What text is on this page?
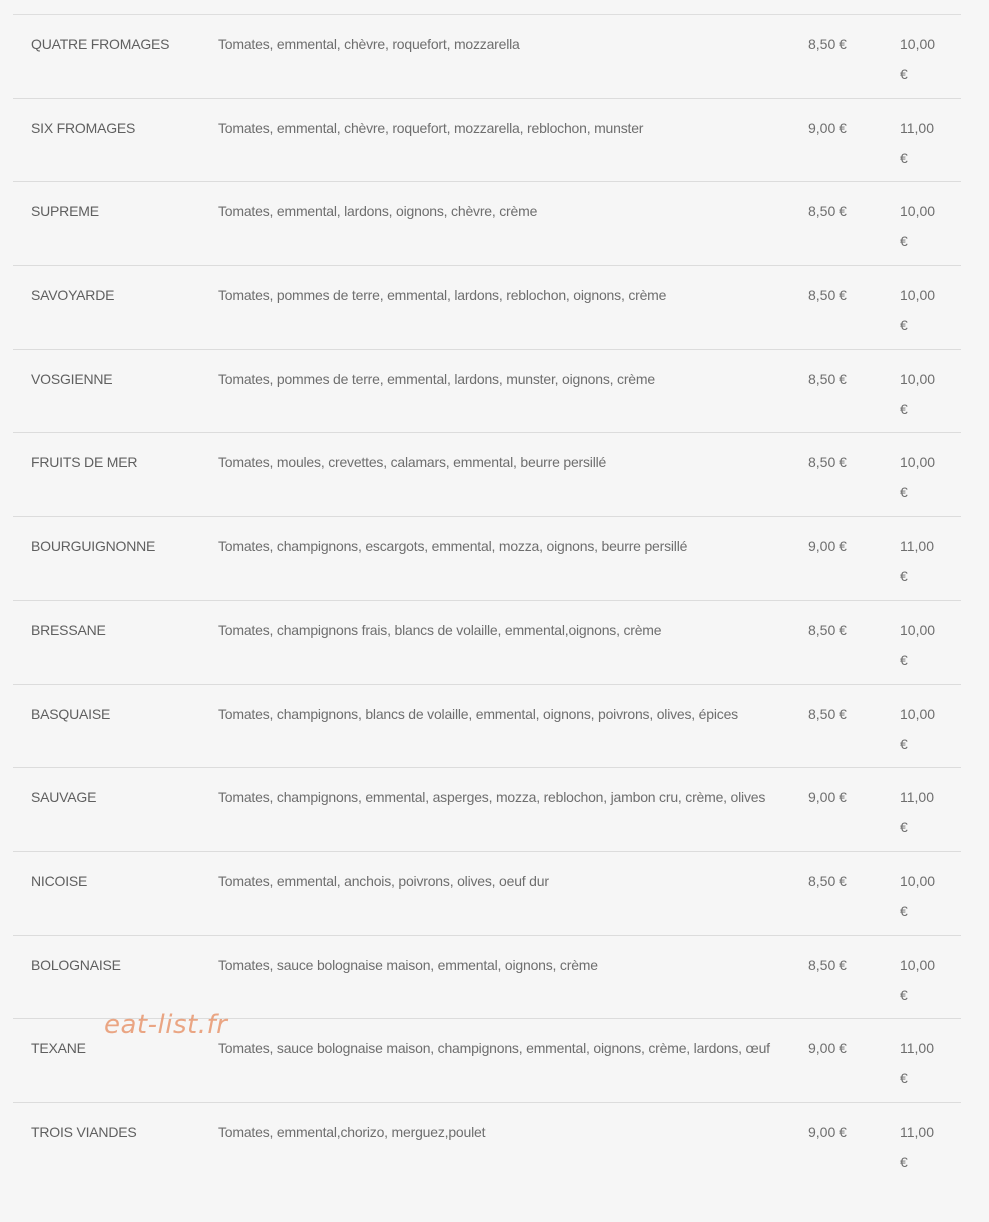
QUATRE FROMAGES	Tomates, emmental, chèvre, roquefort, mozzarella	8,50 €	10,00 €
SIX FROMAGES	Tomates, emmental, chèvre, roquefort, mozzarella, reblochon, munster	9,00 €	11,00 €
SUPREME	Tomates, emmental, lardons, oignons, chèvre, crème	8,50 €	10,00 €
SAVOYARDE	Tomates, pommes de terre, emmental, lardons, reblochon, oignons, crème	8,50 €	10,00 €
VOSGIENNE	Tomates, pommes de terre, emmental, lardons, munster, oignons, crème	8,50 €	10,00 €
FRUITS DE MER	Tomates, moules, crevettes, calamars, emmental, beurre persillé	8,50 €	10,00 €
BOURGUIGNONNE	Tomates, champignons, escargots, emmental, mozza, oignons, beurre persillé	9,00 €	11,00 €
BRESSANE	Tomates, champignons frais, blancs de volaille, emmental,oignons, crème	8,50 €	10,00 €
BASQUAISE	Tomates, champignons, blancs de volaille, emmental, oignons, poivrons, olives, épices	8,50 €	10,00 €
SAUVAGE	Tomates, champignons, emmental, asperges, mozza, reblochon, jambon cru, crème, olives	9,00 €	11,00 €
NICOISE	Tomates, emmental, anchois, poivrons, olives, oeuf dur	8,50 €	10,00 €
BOLOGNAISE	Tomates, sauce bolognaise maison, emmental, oignons, crème	8,50 €	10,00 €
TEXANE	Tomates, sauce bolognaise maison, champignons, emmental, oignons, crème, lardons, œuf	9,00 €	11,00 €
TROIS VIANDES	Tomates, emmental,chorizo, merguez,poulet	9,00 €	11,00 €
eat-list.fr
